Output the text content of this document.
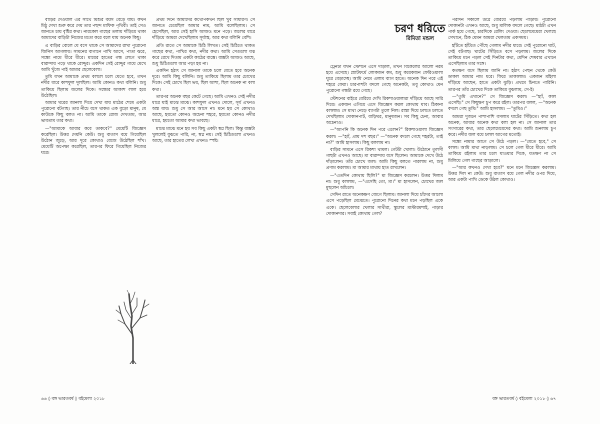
বাড়ির দেওয়াল এর সাথে মিশুর বয়স বেড়ে যায়। কখন মিঠু দেখা শুরু করে দেয় তার পছন্দ মাফিক পৃথিবী। তাই সেও জানতে চায় বৃষ্টির কথা। নারকেল গাছের তলায় দাঁড়িয়ে থাকা আমাদের বাড়িটা নিজের মতো করে বলে যায় অনেক কিছু।

এ বাড়ির বোলে যে বসে থাকে সে আমাদের রাখা পুরোনো জিনিস আগলায়। সামনের বাগানে পাখি আসে, পাতা ঝরে, সন্ধ্যে নামে ধীরে ধীরে। মায়ের হাতের গন্ধ লেগে থাকা বারান্দায় পড়ে থাকে রোদ্দুর। একদিন সেই রোদ্দুর গায়ে মেখে আমি খুঁজে পাই আমার ছেলেবেলা।

তুমি যখন আমাকে প্রথম বললে চলে যেতে হবে, তখন নদীর ধারে কাশফুল দুলছিল। আমি কোনও কথা বলিনি। শুধু তাকিয়ে ছিলাম জলের দিকে। সন্ধ্যের আকাশ লাল হয়ে উঠেছিল।

আমার ঘরের জানলা দিয়ে দেখা যায় মাঠের শেষে একটা পুরোনো বটগাছ। তার নীচে বসে থাকত এক বুড়ো মানুষ, যে কাউকে কিছু বলত না। আমি তাকে রোজ দেখতাম, আর ভাবতাম তার কথা।

—"আমাকে আবার কবে ডাকবে?" মেয়েটি জিজ্ঞেস করেছিল। উত্তর দেয়নি কেউ। শুধু বাতাস বয়ে গিয়েছিল উঠোন জুড়ে, আর দূরে কোথাও বেজে উঠেছিল শাঁখ। মেয়েটি অপেক্ষা করেছিল, তারপর ফিরে গিয়েছিল নিজের ঘরে।

প্রথম দিনে আমাদের কথোপকথন ছিল খুব সাধারণ। সে জানতে চেয়েছিল আমার নাম, আমি বলেছিলাম। সে হেসেছিল, আর সেই হাসি আজও মনে পড়ে। জলের ধারে দাঁড়িয়ে আমরা দেখেছিলাম সূর্যাস্ত, আর কথা বলিনি বেশি।

প্রতি রাতে সে আমাকে চিঠি লিখত। সেই চিঠিতে থাকত গাছের কথা, পাখির কথা, নদীর কথা। আমি সেগুলো যত্ন করে রেখে দিতাম একটা কাঠের বাক্সে। বাক্সটা আজও আছে, শুধু চিঠিগুলো আর পড়া হয় না।

একদিন হঠাৎ সে জানাল তাকে চলে যেতে হবে অনেক দূরে। আমি কিছু বলিনি। শুধু তাকিয়ে ছিলাম তার চোখের দিকে। সেই চোখে ছিল ভয়, ছিল আশা, ছিল অনেক না বলা কথা।

তারপর অনেক বছর কেটে গেছে। আমি এখনও সেই নদীর ধারে যাই মাঝে মাঝে। কাশফুল এখনও দোলে, সূর্য এখনও অস্ত যায়। শুধু সে আর আসে না। মনে হয় সে কোথাও আছে, হয়তো কোনও অচেনা শহরে, হয়তো কোনও নদীর ধারে, হয়তো আমার কথা ভাবছে।

মাঝে মাঝে মনে হয় সব কিছু একটা স্বপ্ন ছিল। কিন্তু বাক্সটা খুললেই বুঝতে পারি, না, স্বপ্ন নয়। সেই চিঠিগুলো এখনও আছে, তার হাতের লেখা এখনও স্পষ্ট।

চরণ ধরিতে
রিমিতা মন্ডল

ট্রেনটা যখন স্টেশনে এসে দাঁড়াল, তখন বিকেলের আলো নরম হয়ে এসেছে। প্ল্যাটফর্মে লোকজন কম, শুধু কয়েকজন ফেরিওয়ালা ঘুরে বেড়াচ্ছে। আমি নেমে এলাম ব্যাগ হাতে। অনেক দিন পরে এই শহরে ফেরা। চারপাশটা বদলে গেছে অনেকটা, তবু কোথাও যেন পুরোনো গন্ধটা রয়ে গেছে।

স্টেশনের বাইরে বেরিয়ে দেখি রিকশাওয়ালারা দাঁড়িয়ে আছে সারি দিয়ে। একজন এগিয়ে এসে জিজ্ঞেস করল কোথায় যাব। ঠিকানা বললাম। সে মাথা নেড়ে ব্যাগটা তুলে নিল। রাস্তা দিয়ে চলতে চলতে দেখছিলাম দোকানপাট, বাড়িঘর, মানুষজন। সব কিছু চেনা, আবার অচেনাও।

—"আপনি কি অনেক দিন পরে এলেন?" রিকশাওয়ালা জিজ্ঞেস করল। —"হ্যাঁ, প্রায় দশ বছর।" —"অনেক বদলে গেছে শহরটা, তাই না?" আমি হাসলাম। কিছু বললাম না।

বাড়ির সামনে এসে রিকশা থামল। গেটটা খোলা। উঠোনে তুলসী গাছটা এখনও আছে। মা বারান্দায় বসে ছিলেন। আমাকে দেখে উঠে দাঁড়ালেন। তাঁর চোখে জল। আমি কিছু বলতে পারলাম না, শুধু প্রণাম করলাম। মা আমার মাথায় হাত রাখলেন।

—"এতদিন কোথায় ছিলি?" মা জিজ্ঞেস করলেন। উত্তর দিলাম না। শুধু বললাম, —"এসেছি তো, মা।" মা হাসলেন, চোখের জল মুছলেন আঁচলে।

সেদিন রাতে অনেকক্ষণ জেগে ছিলাম। জানলা দিয়ে চাঁদের আলো এসে পড়েছিল মেঝেতে। পুরোনো দিনের কথা মনে পড়ছিল একে একে। ছেলেবেলার খেলার সাথীরা, স্কুলের মাস্টারমশাই, পাড়ার দোকানদার। সবাই কোথায় গেল?

পরদিন সকালে উঠে বেরিয়ে পড়লাম পাড়ায়। পুরোনো দোকানটা এখনও আছে, শুধু মালিক বদলে গেছে। মাঠটা এখন পার্ক হয়ে গেছে, চারদিকে রেলিং দেওয়া। ছেলেমেয়েরা খেলছে সেখানে, ঠিক যেমন আমরা খেলতাম একসময়।

হাঁটতে হাঁটতে পৌঁছে গেলাম নদীর ধারে। সেই পুরোনো ঘাট, সেই বটগাছ। ঘাটের সিঁড়িতে বসে পড়লাম। জলের দিকে তাকিয়ে মনে পড়ল সেই দিনটার কথা, যেদিন শেষবার এখানে এসেছিলাম তার সঙ্গে।

কতক্ষণ বসে ছিলাম জানি না। হঠাৎ পেছন থেকে কেউ ডাকল আমার নাম ধরে। ফিরে তাকালাম। একজন মহিলা দাঁড়িয়ে আছেন, হাতে একটা ঝুড়ি। প্রথমে চিনতে পারিনি। তারপর তাঁর চোখের দিকে তাকিয়ে বুঝলাম, সে-ই।

—"তুমি এখানে?" সে জিজ্ঞেস করল। —"হ্যাঁ, কাল এসেছি।" সে কিছুক্ষণ চুপ করে রইল। তারপর বলল, —"অনেক বদলে গেছ তুমি।" আমি হাসলাম। —"তুমিও।"

আমরা দুজনে পাশাপাশি বসলাম ঘাটের সিঁড়িতে। কথা হল অনেক, আবার অনেক কথা বলা হল না। সে জানাল তার সংসারের কথা, তার ছেলেমেয়েদের কথা। আমি শুনলাম চুপ করে। নদীর জল বয়ে চলল আগের মতোই।

সন্ধ্যে নামার আগে সে উঠে পড়ল। —"যেতে হবে," সে বলল। আমি মাথা নাড়লাম। সে চলে গেল ধীরে ধীরে। আমি তাকিয়ে রইলাম তার চলে যাওয়ার দিকে, যতক্ষণ না সে মিলিয়ে গেল গাছের আড়ালে।

—"আর কখনও দেখা হবে?" মনে মনে জিজ্ঞেস করলাম। উত্তর দিল না কেউ। শুধু বাতাস বয়ে গেল নদীর ওপর দিয়ে, আর একটা পাখি ডেকে উঠল কোথাও।

৬৬ ◊ বঙ্গ ভারতবর্ষ ◊ বইমেলা ২০১৮	বঙ্গ ভারতবর্ষ ◊ বইমেলা ২০১৮ ◊ ৬৭
